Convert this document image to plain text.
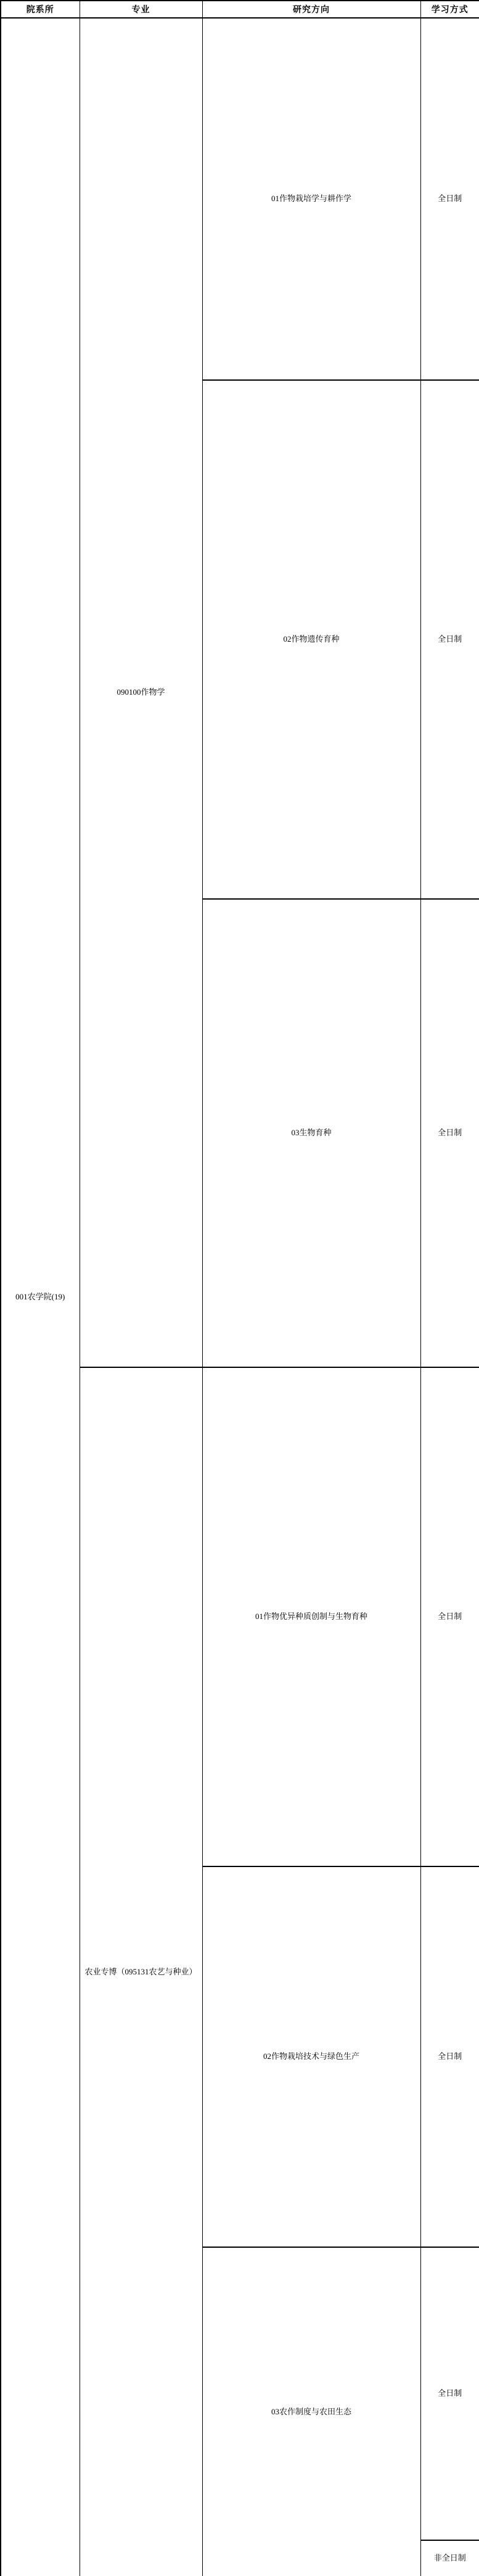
院系所	专业	研究方向	学习方式
001农学院(19)	090100作物学	01作物栽培学与耕作学	全日制
		02作物遗传育种	全日制
		03生物育种	全日制
	农业专博（095131农艺与种业）	01作物优异种质创制与生物育种	全日制
		02作物栽培技术与绿色生产	全日制
		03农作制度与农田生态	全日制
			非全日制
